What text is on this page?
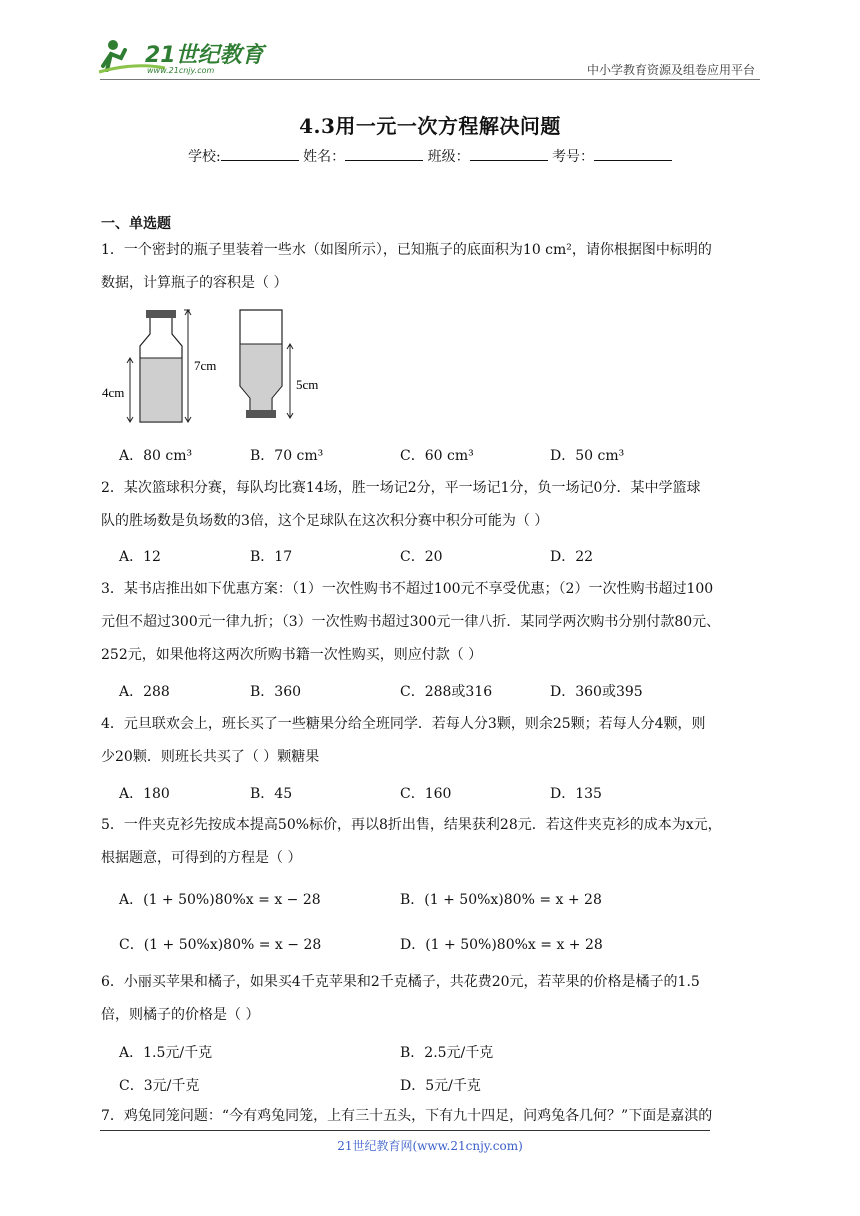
21世纪教育
www.21cnjy.com	中小学教育资源及组卷应用平台
4.3用一元一次方程解决问题
学校:	姓名：	班级：	考号：
一、单选题
1．一个密封的瓶子里装着一些水（如图所示），已知瓶子的底面积为10 cm²，请你根据图中标明的
数据，计算瓶子的容积是（ ）
4cm
7cm
5cm
A．80 cm³	B．70 cm³	C．60 cm³	D．50 cm³
2．某次篮球积分赛，每队均比赛14场，胜一场记2分，平一场记1分，负一场记0分．某中学篮球
队的胜场数是负场数的3倍，这个足球队在这次积分赛中积分可能为（ ）
A．12	B．17	C．20	D．22
3．某书店推出如下优惠方案：（1）一次性购书不超过100元不享受优惠；（2）一次性购书超过100
元但不超过300元一律九折；（3）一次性购书超过300元一律八折．某同学两次购书分别付款80元、
252元，如果他将这两次所购书籍一次性购买，则应付款（ ）
A．288	B．360	C．288或316	D．360或395
4．元旦联欢会上，班长买了一些糖果分给全班同学．若每人分3颗，则余25颗；若每人分4颗，则
少20颗．则班长共买了（ ）颗糖果
A．180	B．45	C．160	D．135
5．一件夹克衫先按成本提高50%标价，再以8折出售，结果获利28元．若这件夹克衫的成本为x元，
根据题意，可得到的方程是（ ）
A．(1 + 50%)80%x = x − 28	B．(1 + 50%x)80% = x + 28
C．(1 + 50%x)80% = x − 28	D．(1 + 50%)80%x = x + 28
6．小丽买苹果和橘子，如果买4千克苹果和2千克橘子，共花费20元，若苹果的价格是橘子的1.5
倍，则橘子的价格是（ ）
A．1.5元/千克	B．2.5元/千克
C．3元/千克	D．5元/千克
7．鸡兔同笼问题：“今有鸡兔同笼，上有三十五头，下有九十四足，问鸡兔各几何？”下面是嘉淇的
21世纪教育网(www.21cnjy.com)
